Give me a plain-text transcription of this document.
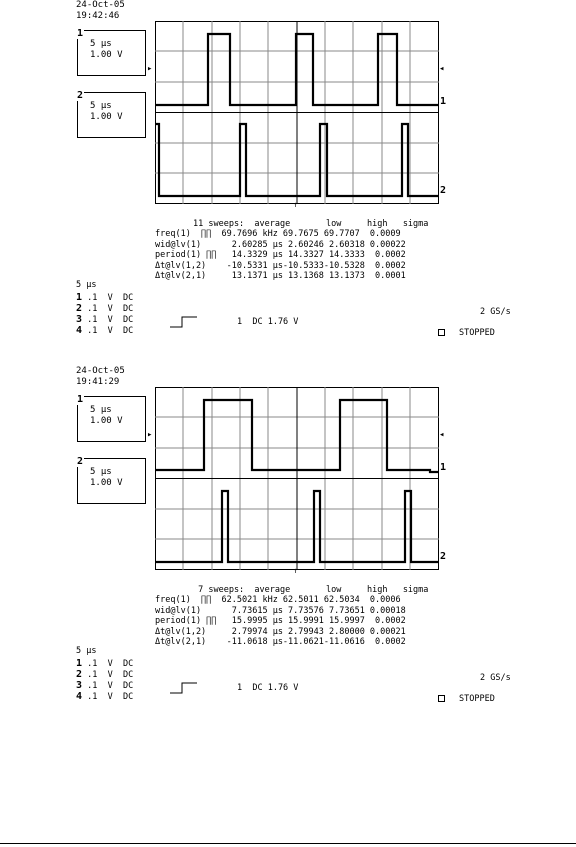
24-Oct-05
19:42:46
1
5 μs
1.00 V
2
5 μs
1.00 V
▸	◂
1
2
↑
11 sweeps:  average       low     high   sigma
freq(1)  ∏∏  69.7696 kHz 69.7675 69.7707  0.0009
wid@lv(1)      2.60285 μs 2.60246 2.60318 0.00022
period(1) ∏∏   14.3329 μs 14.3327 14.3333  0.0002
Δt@lv(1,2)    -10.5331 μs-10.5333-10.5328  0.0002
Δt@lv(2,1)     13.1371 μs 13.1368 13.1373  0.0001
5 μs
1 .1  V  DC
2 .1  V  DC
3 .1  V  DC
4 .1  V  DC
1  DC 1.76 V
2 GS/s
STOPPED
24-Oct-05
19:41:29
1
5 μs
1.00 V
2
5 μs
1.00 V
▸	◂
1
2
↑
7 sweeps:  average       low     high   sigma
freq(1)  ∏∏  62.5021 kHz 62.5011 62.5034  0.0006
wid@lv(1)      7.73615 μs 7.73576 7.73651 0.00018
period(1) ∏∏   15.9995 μs 15.9991 15.9997  0.0002
Δt@lv(1,2)     2.79974 μs 2.79943 2.80000 0.00021
Δt@lv(2,1)    -11.0618 μs-11.0621-11.0616  0.0002
5 μs
1 .1  V  DC
2 .1  V  DC
3 .1  V  DC
4 .1  V  DC
1  DC 1.76 V
2 GS/s
STOPPED
